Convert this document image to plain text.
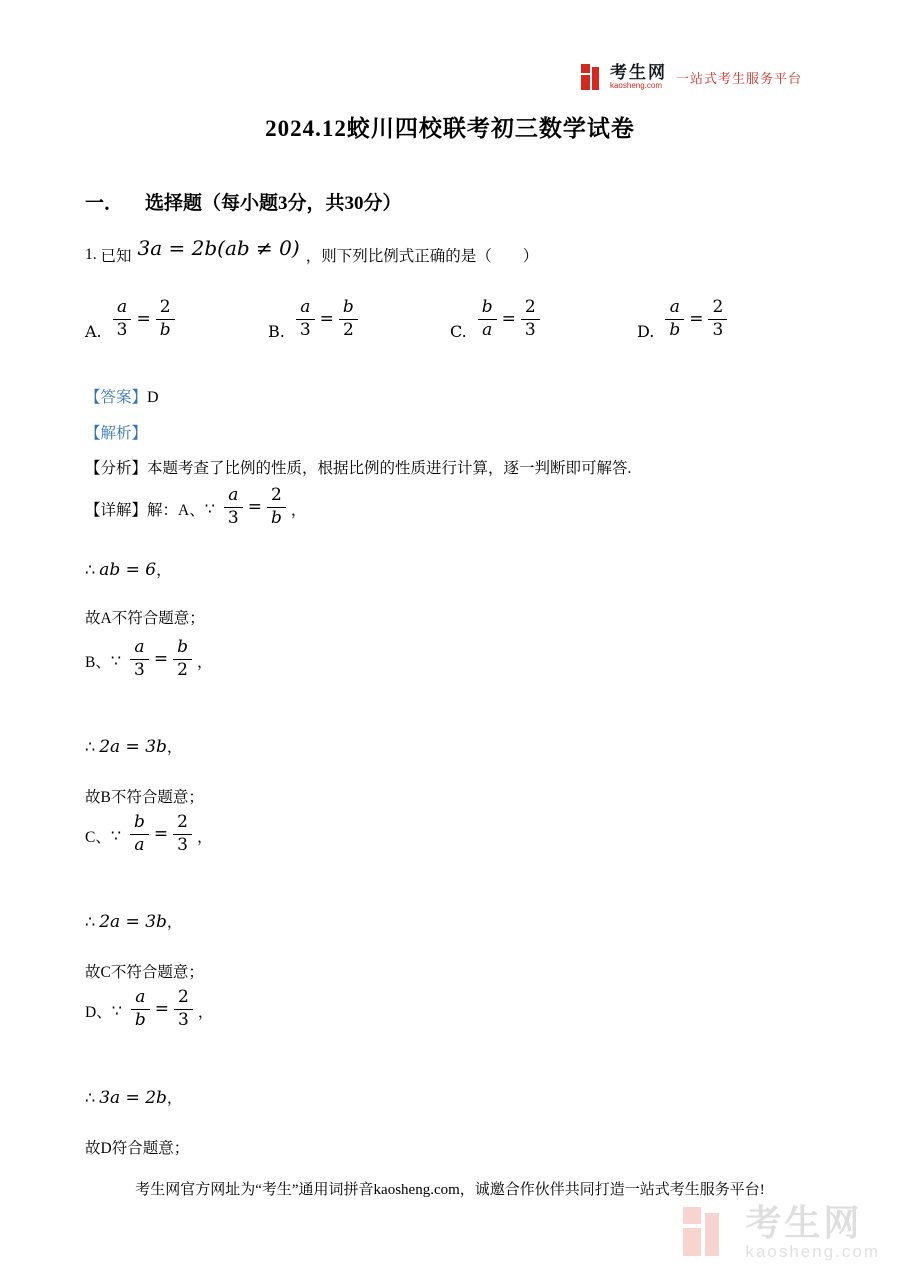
考生网
kaosheng.com	一站式考生服务平台
2024.12蛟川四校联考初三数学试卷
一． 选择题（每小题3分，共30分）
1.
已知 3a = 2b(ab ≠ 0) ，则下列比例式正确的是（　　）
A. $\frac{a}{3} = \frac{2}{b}$	B. $\frac{a}{3} = \frac{b}{2}$	C. $\frac{b}{a} = \frac{2}{3}$	D. $\frac{a}{b} = \frac{2}{3}$
【答案】D
【解析】
【分析】本题考查了比例的性质，根据比例的性质进行计算，逐一判断即可解答.
【详解】 解： A、 ∵ $\frac{a}{3} = \frac{2}{b}$ ，
∴ ab = 6，
故A不符合题意；
B、 ∵ $\frac{a}{3} = \frac{b}{2}$ ，
∴ 2a = 3b，
故B不符合题意；
C、 ∵ $\frac{b}{a} = \frac{2}{3}$ ，
∴ 2a = 3b，
故C不符合题意；
D、 ∵ $\frac{a}{b} = \frac{2}{3}$ ，
∴ 3a = 2b，
故D符合题意；
考生网官方网址为“考生”通用词拼音kaosheng.com，诚邀合作伙伴共同打造一站式考生服务平台!
考生网
kaosheng.com
